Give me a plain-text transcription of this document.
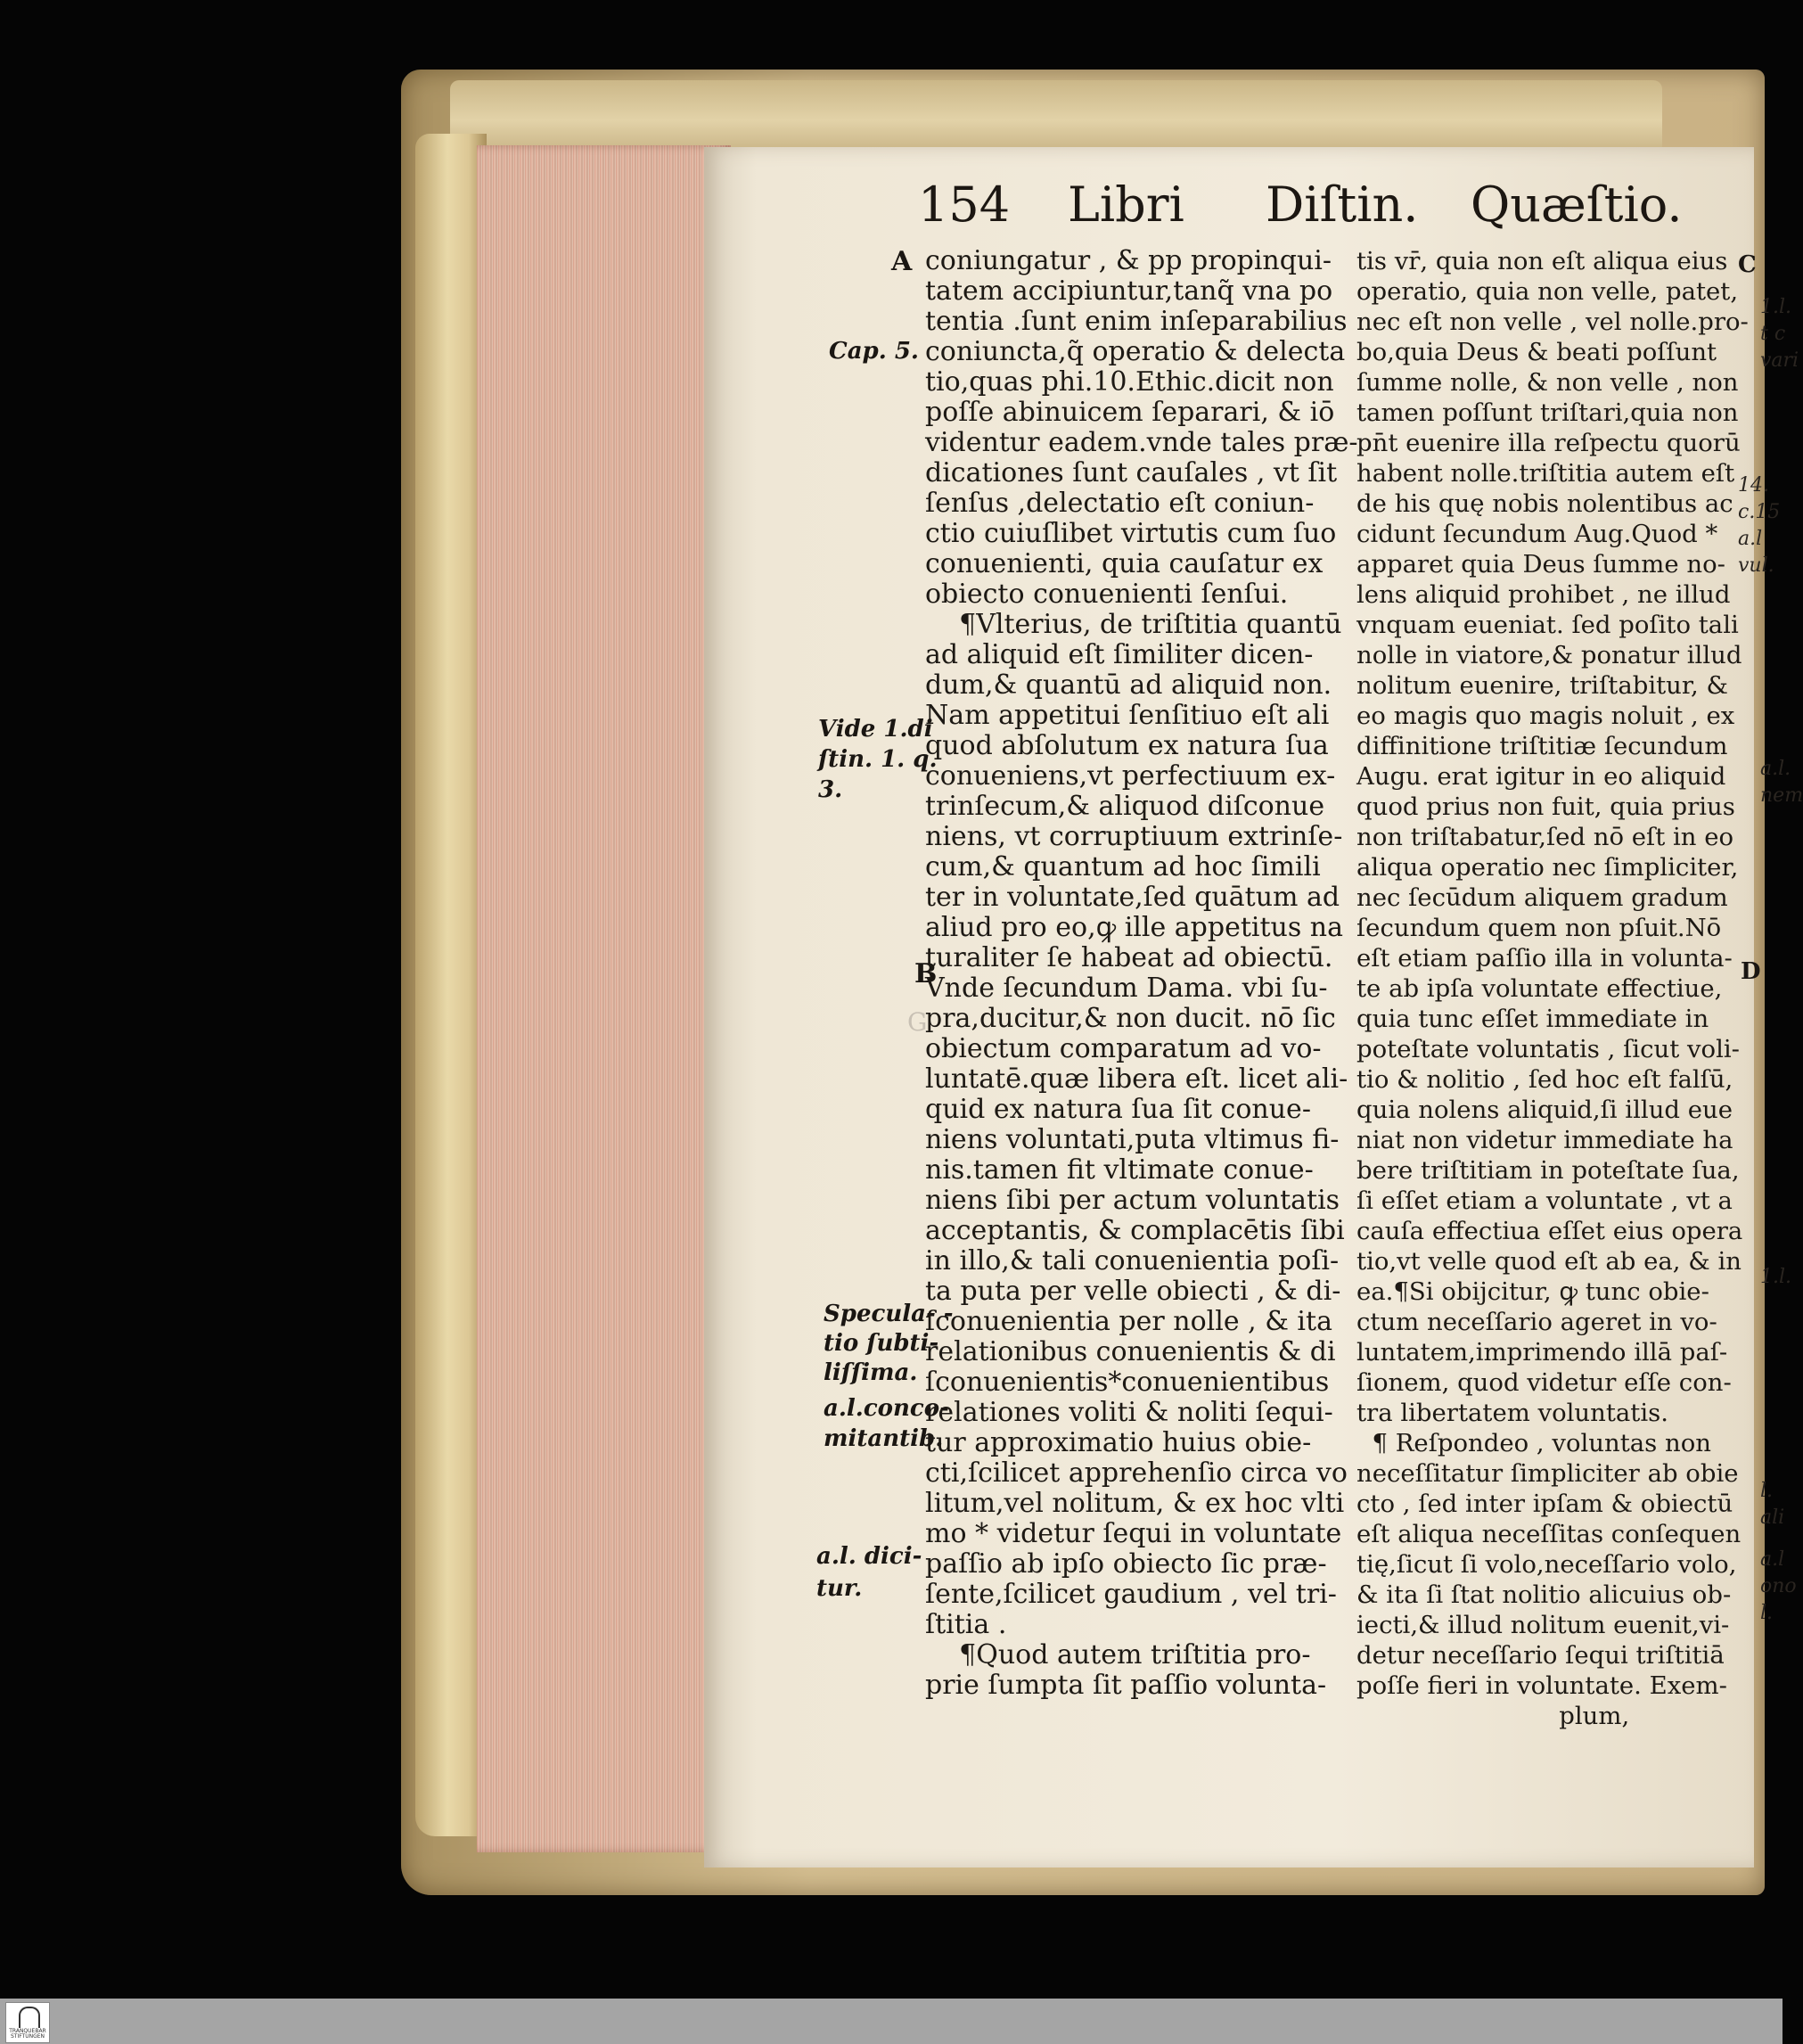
154 Libri Diſtin. Quæſtio.
G
A
B
C
D
Cap. 5.
Vide 1.di
ſtin. 1. q.
3.
Specula- -
tio ſubti-
liſſima.
a.l.conco-
mitantib.
a.l. dici-
tur.
1.l.
t c
vari
14.
c.15
a.l
vul.
a.l.
nem
1.l.
l.
ali
a.l
ono
l.
coniungatur , & pp propinqui-
tatem accipiuntur,tanq̃ vna po
tentia .ſunt enim inſeparabilius
coniuncta,q̃ operatio & delecta
tio,quas phi.10.Ethic.dicit non
poſſe abinuicem ſeparari, & iō
videntur eadem.vnde tales præ-
dicationes ſunt cauſales , vt ſit
ſenſus ,delectatio eſt coniun-
ctio cuiuſlibet virtutis cum ſuo
conuenienti, quia cauſatur ex
obiecto conuenienti ſenſui.
¶Vlterius, de triſtitia quantū
ad aliquid eſt ſimiliter dicen-
dum,& quantū ad aliquid non.
Nam appetitui ſenſitiuo eſt ali
quod abſolutum ex natura ſua
conueniens,vt perfectiuum ex-
trinſecum,& aliquod diſconue
niens, vt corruptiuum extrinſe-
cum,& quantum ad hoc ſimili
ter in voluntate,ſed quātum ad
aliud pro eo,ꝙ ille appetitus na
turaliter ſe habeat ad obiectū.
Vnde ſecundum Dama. vbi ſu-
pra,ducitur,& non ducit. nō ſic
obiectum comparatum ad vo-
luntatē.quæ libera eſt. licet ali-
quid ex natura ſua ſit conue-
niens voluntati,puta vltimus fi-
nis.tamen fit vltimate conue-
niens ſibi per actum voluntatis
acceptantis, & complacētis ſibi
in illo,& tali conuenientia poſi-
ta puta per velle obiecti , & di-
ſconuenientia per nolle , & ita
relationibus conuenientis & di
ſconuenientis*conuenientibus
relationes voliti & noliti ſequi-
tur approximatio huius obie-
cti,ſcilicet apprehenſio circa vo
litum,vel nolitum, & ex hoc vlti
mo * videtur ſequi in voluntate
paſſio ab ipſo obiecto ſic præ-
ſente,ſcilicet gaudium , vel tri-
ſtitia .
¶Quod autem triſtitia pro-
prie ſumpta ſit paſſio volunta-
tis vr̄, quia non eſt aliqua eius
operatio, quia non velle, patet,
nec eſt non velle , vel nolle.pro-
bo,quia Deus & beati poſſunt
ſumme nolle, & non velle , non
tamen poſſunt triſtari,quia non
pn̄t euenire illa reſpectu quorū
habent nolle.triſtitia autem eſt
de his quę nobis nolentibus ac
cidunt ſecundum Aug.Quod *
apparet quia Deus ſumme no-
lens aliquid prohibet , ne illud
vnquam eueniat. ſed poſito tali
nolle in viatore,& ponatur illud
nolitum euenire, triſtabitur, &
eo magis quo magis noluit , ex
diffinitione triſtitiæ ſecundum
Augu. erat igitur in eo aliquid
quod prius non fuit, quia prius
non triſtabatur,ſed nō eſt in eo
aliqua operatio nec ſimpliciter,
nec ſecūdum aliquem gradum
ſecundum quem non pſuit.Nō
eſt etiam paſſio illa in volunta-
te ab ipſa voluntate effectiue,
quia tunc eſſet immediate in
poteſtate voluntatis , ſicut voli-
tio & nolitio , ſed hoc eſt falſū,
quia nolens aliquid,ſi illud eue
niat non videtur immediate ha
bere triſtitiam in poteſtate ſua,
ſi eſſet etiam a voluntate , vt a
cauſa effectiua eſſet eius opera
tio,vt velle quod eſt ab ea, & in
ea.¶Si obijcitur, ꝙ tunc obie-
ctum neceſſario ageret in vo-
luntatem,imprimendo illā paſ-
ſionem, quod videtur eſſe con-
tra libertatem voluntatis.
¶ Reſpondeo , voluntas non
neceſſitatur ſimpliciter ab obie
cto , ſed inter ipſam & obiectū
eſt aliqua neceſſitas conſequen
tię,ſicut ſi volo,neceſſario volo,
& ita ſi ſtat nolitio alicuius ob-
iecti,& illud nolitum euenit,vi-
detur neceſſario ſequi triſtitiā
poſſe fieri in voluntate. Exem-
plum,
TRANQUEBAR
STIFTUNGEN
